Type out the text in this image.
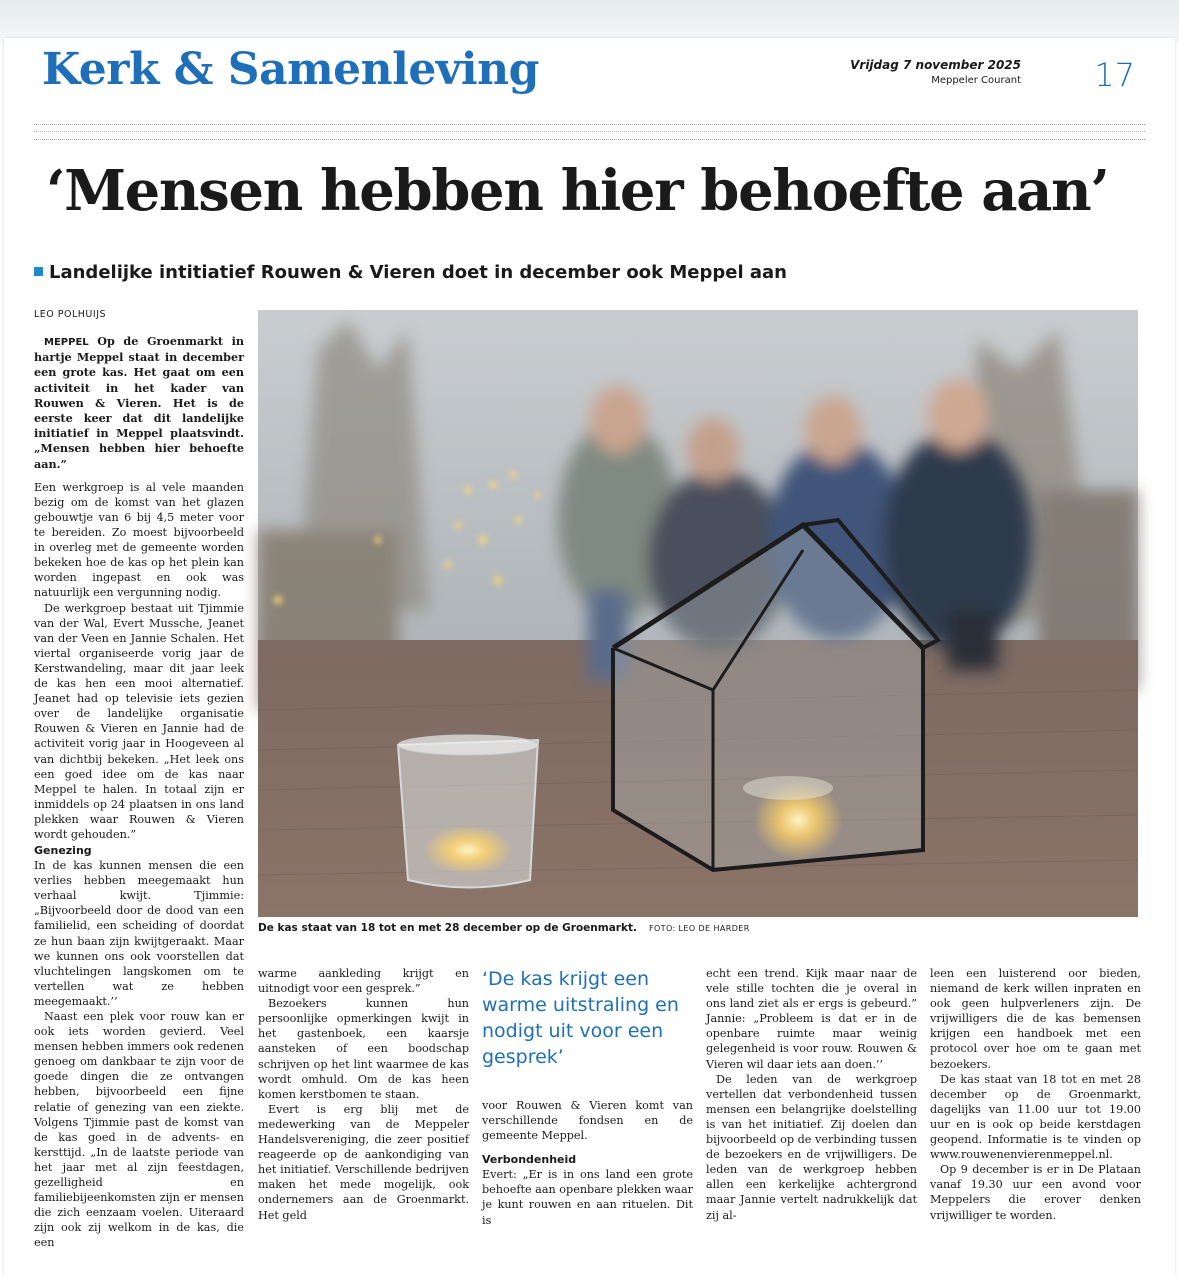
Kerk & Samenleving	Vrijdag 7 november 2025
Meppeler Courant 17
‘Mensen hebben hier behoefte aan’
Landelijke intitiatief Rouwen & Vieren doet in december ook Meppel aan
LEO POLHUIJS

MEPPEL Op de Groenmarkt in hartje Meppel staat in december een grote kas. Het gaat om een activiteit in het kader van Rouwen & Vieren. Het is de eerste keer dat dit landelijke initiatief in Meppel plaatsvindt. „Mensen hebben hier behoefte aan.”

Een werkgroep is al vele maanden bezig om de komst van het glazen gebouwtje van 6 bij 4,5 meter voor te bereiden. Zo moest bijvoorbeeld in overleg met de gemeente worden bekeken hoe de kas op het plein kan worden ingepast en ook was natuurlijk een vergunning nodig.

De werkgroep bestaat uit Tjimmie van der Wal, Evert Mussche, Jeanet van der Veen en Jannie Schalen. Het viertal organiseerde vorig jaar de Kerstwandeling, maar dit jaar leek de kas hen een mooi alternatief. Jeanet had op televisie iets gezien over de landelijke organisatie Rouwen & Vieren en Jannie had de activiteit vorig jaar in Hoogeveen al van dichtbij bekeken. „Het leek ons een goed idee om de kas naar Meppel te halen. In totaal zijn er inmiddels op 24 plaatsen in ons land plekken waar Rouwen & Vieren wordt gehouden.”

Genezing

In de kas kunnen mensen die een verlies hebben meegemaakt hun verhaal kwijt. Tjimmie: „Bijvoorbeeld door de dood van een familielid, een scheiding of doordat ze hun baan zijn kwijtgeraakt. Maar we kunnen ons ook voorstellen dat vluchtelingen langskomen om te vertellen wat ze hebben meegemaakt.’’

Naast een plek voor rouw kan er ook iets worden gevierd. Veel mensen hebben immers ook redenen genoeg om dankbaar te zijn voor de goede dingen die ze ontvangen hebben, bijvoorbeeld een fijne relatie of genezing van een ziekte. Volgens Tjimmie past de komst van de kas goed in de advents- en kersttijd. „In de laatste periode van het jaar met al zijn feestdagen, gezelligheid en familiebijeenkomsten zijn er mensen die zich eenzaam voelen. Uiteraard zijn ook zij welkom in de kas, die een

De kas staat van 18 tot en met 28 december op de Groenmarkt. FOTO: LEO DE HARDER

warme aankleding krijgt en uitnodigt voor een gesprek.”

Bezoekers kunnen hun persoonlijke opmerkingen kwijt in het gastenboek, een kaarsje aansteken of een boodschap schrijven op het lint waarmee de kas wordt omhuld. Om de kas heen komen kerstbomen te staan.

Evert is erg blij met de medewerking van de Meppeler Handelsvereniging, die zeer positief reageerde op de aankondiging van het initiatief. Verschillende bedrijven maken het mede mogelijk, ook ondernemers aan de Groenmarkt. Het geld

‘De kas krijgt een warme uitstraling en nodigt uit voor een gesprek’

voor Rouwen & Vieren komt van verschillende fondsen en de gemeente Meppel.

Verbondenheid

Evert: „Er is in ons land een grote behoefte aan openbare plekken waar je kunt rouwen en aan rituelen. Dit is

echt een trend. Kijk maar naar de vele stille tochten die je overal in ons land ziet als er ergs is gebeurd.” Jannie: „Probleem is dat er in de openbare ruimte maar weinig gelegenheid is voor rouw. Rouwen & Vieren wil daar iets aan doen.’’

De leden van de werkgroep vertellen dat verbondenheid tussen mensen een belangrijke doelstelling is van het initiatief. Zij doelen dan bijvoorbeeld op de verbinding tussen de bezoekers en de vrijwilligers. De leden van de werkgroep hebben allen een kerkelijke achtergrond maar Jannie vertelt nadrukkelijk dat zij al-

leen een luisterend oor bieden, niemand de kerk willen inpraten en ook geen hulpverleners zijn. De vrijwilligers die de kas bemensen krijgen een handboek met een protocol over hoe om te gaan met bezoekers.

De kas staat van 18 tot en met 28 december op de Groenmarkt, dagelijks van 11.00 uur tot 19.00 uur en is ook op beide kerstdagen geopend. Informatie is te vinden op www.rouwenenvierenmeppel.nl.

Op 9 december is er in De Plataan vanaf 19.30 uur een avond voor Meppelers die erover denken vrijwilliger te worden.
